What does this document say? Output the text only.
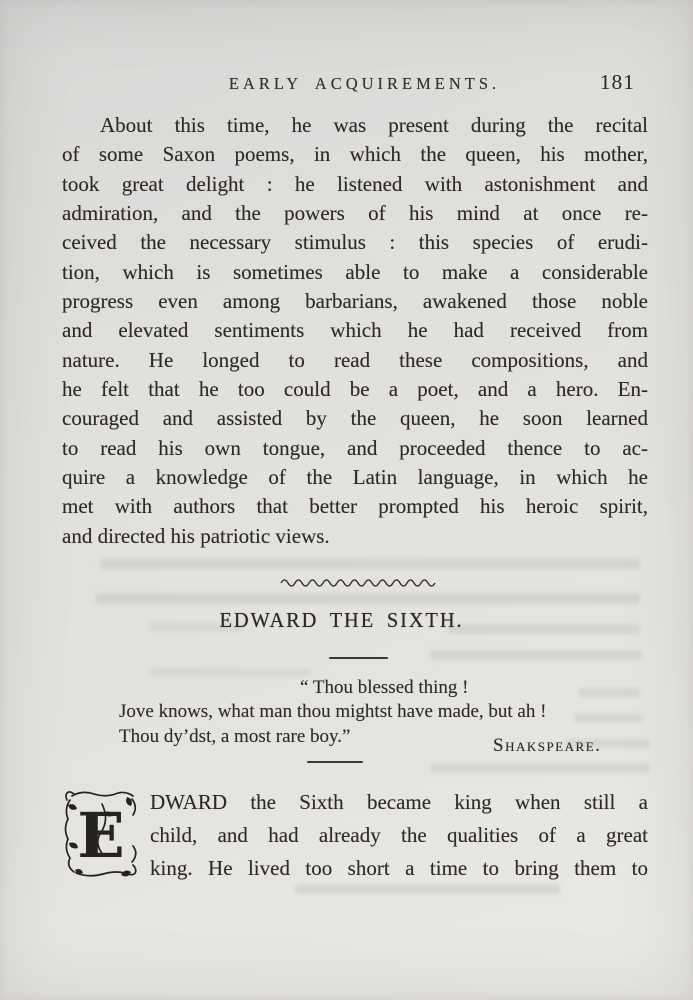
EARLY ACQUIREMENTS.	181
About this time, he was present during the recital
of some Saxon poems, in which the queen, his mother,
took great delight : he listened with astonishment and
admiration, and the powers of his mind at once re-
ceived the necessary stimulus : this species of erudi-
tion, which is sometimes able to make a considerable
progress even among barbarians, awakened those noble
and elevated sentiments which he had received from
nature. He longed to read these compositions, and
he felt that he too could be a poet, and a hero. En-
couraged and assisted by the queen, he soon learned
to read his own tongue, and proceeded thence to ac-
quire a knowledge of the Latin language, in which he
met with authors that better prompted his heroic spirit,
and directed his patriotic views.
EDWARD THE SIXTH.
“ Thou blessed thing !
Jove knows, what man thou mightst have made, but ah !
Thou dy’dst, a most rare boy.”	Shakspeare.
E	DWARD the Sixth became king when still a
child, and had already the qualities of a great
king. He lived too short a time to bring them to
